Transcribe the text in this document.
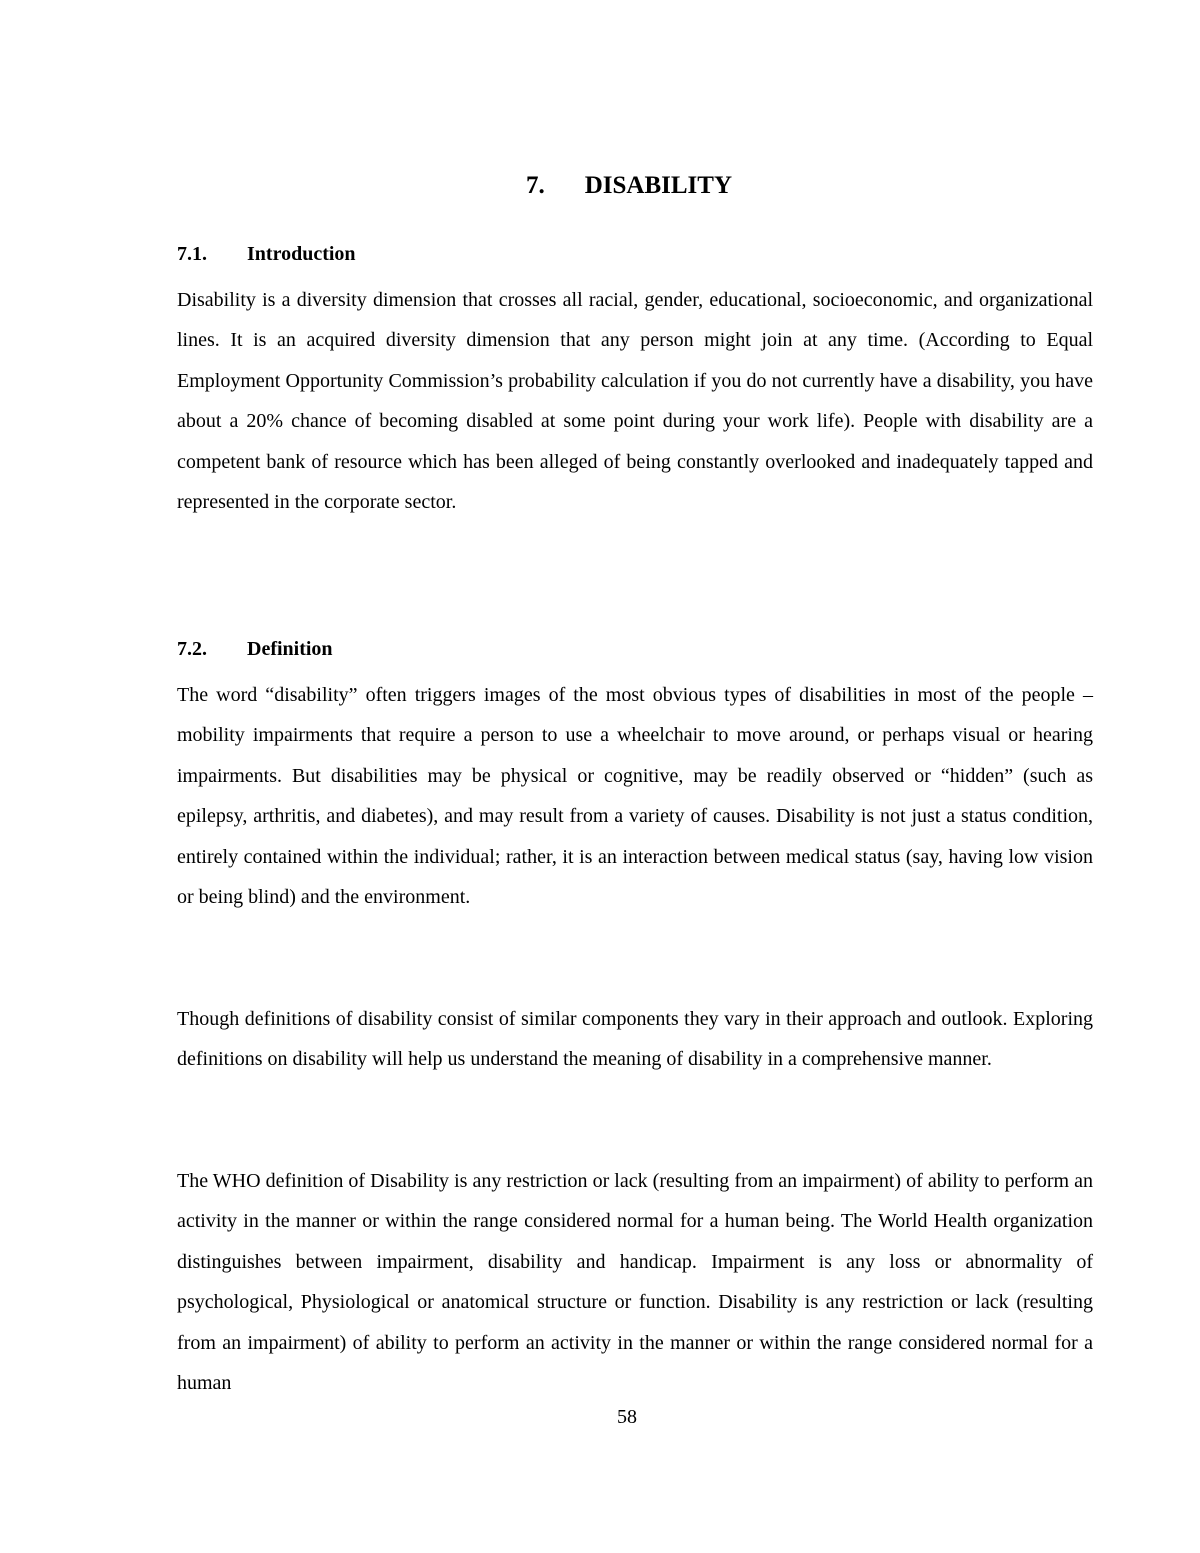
7. DISABILITY
7.1. Introduction

Disability is a diversity dimension that crosses all racial, gender, educational, socioeconomic, and organizational lines. It is an acquired diversity dimension that any person might join at any time. (According to Equal Employment Opportunity Commission’s probability calculation if you do not currently have a disability, you have about a 20% chance of becoming disabled at some point during your work life). People with disability are a competent bank of resource which has been alleged of being constantly overlooked and inadequately tapped and represented in the corporate sector.

7.2. Definition

The word “disability” often triggers images of the most obvious types of disabilities in most of the people – mobility impairments that require a person to use a wheelchair to move around, or perhaps visual or hearing impairments. But disabilities may be physical or cognitive, may be readily observed or “hidden” (such as epilepsy, arthritis, and diabetes), and may result from a variety of causes. Disability is not just a status condition, entirely contained within the individual; rather, it is an interaction between medical status (say, having low vision or being blind) and the environment.

Though definitions of disability consist of similar components they vary in their approach and outlook. Exploring definitions on disability will help us understand the meaning of disability in a comprehensive manner.

The WHO definition of Disability is any restriction or lack (resulting from an impairment) of ability to perform an activity in the manner or within the range considered normal for a human being. The World Health organization distinguishes between impairment, disability and handicap. Impairment is any loss or abnormality of psychological, Physiological or anatomical structure or function. Disability is any restriction or lack (resulting from an impairment) of ability to perform an activity in the manner or within the range considered normal for a human

58
